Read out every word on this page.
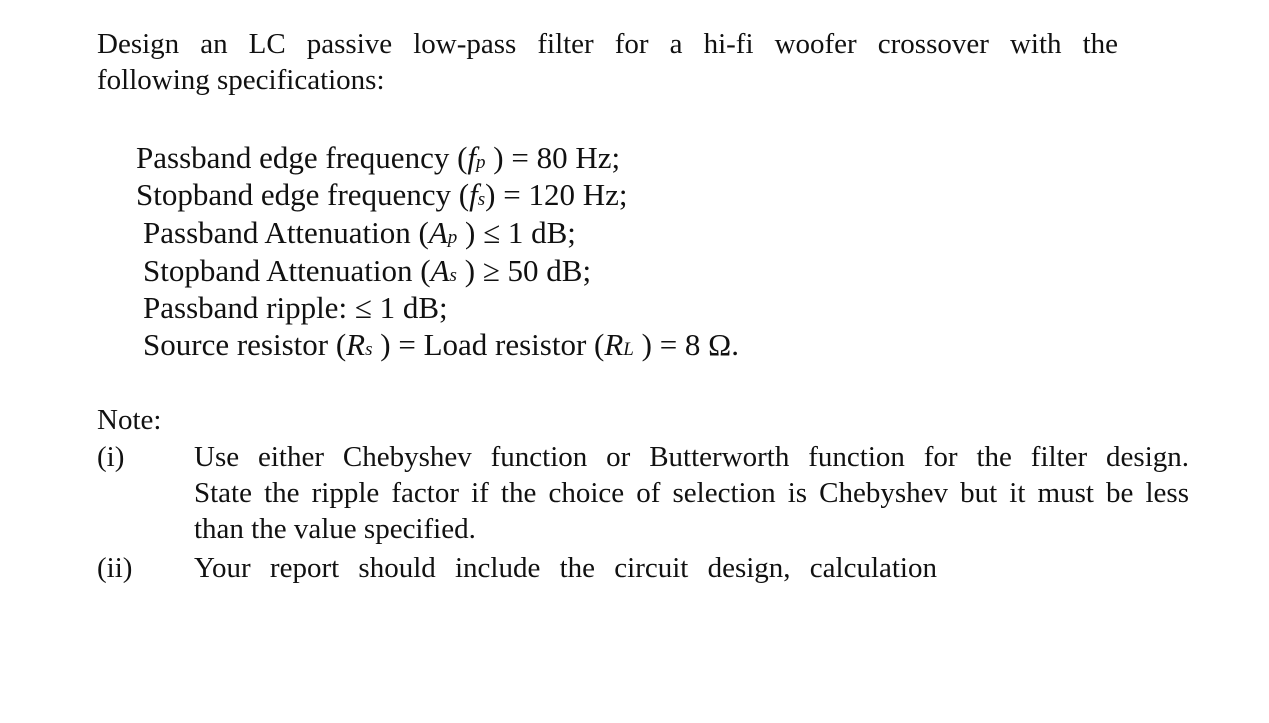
Design an LC passive low-pass filter for a hi-fi woofer crossover with the
following specifications:
Passband edge frequency (fp ) = 80 Hz;
Stopband edge frequency (fs) = 120 Hz;
Passband Attenuation (Ap ) ≤ 1 dB;
Stopband Attenuation (As ) ≥ 50 dB;
Passband ripple: ≤ 1 dB;
Source resistor (Rs ) = Load resistor (RL ) = 8 Ω.
Note:
(i) Use either Chebyshev function or Butterworth function for the filter design.
State the ripple factor if the choice of selection is Chebyshev but it must be less
than the value specified.
(ii) Your report should include the circuit design, calculation
